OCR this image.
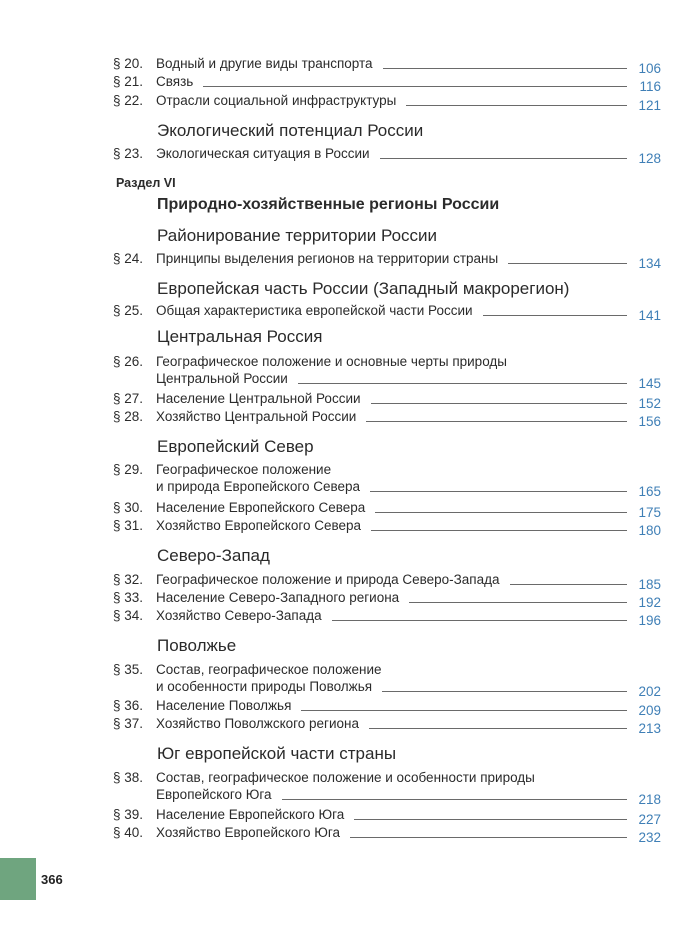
§ 20. Водный и другие виды транспорта	106
§ 21. Связь	116
§ 22. Отрасли социальной инфраструктуры	121
Экологический потенциал России
§ 23. Экологическая ситуация в России	128
Раздел VI
Природно-хозяйственные регионы России
Районирование территории России
§ 24. Принципы выделения регионов на территории страны	134
Европейская часть России (Западный макрорегион)
§ 25. Общая характеристика европейской части России	141
Центральная Россия
§ 26. Географическое положение и основные черты природы
Центральной России	145
§ 27. Население Центральной России	152
§ 28. Хозяйство Центральной России	156
Европейский Север
§ 29. Географическое положение
и природа Европейского Севера	165
§ 30. Население Европейского Севера	175
§ 31. Хозяйство Европейского Севера	180
Северо-Запад
§ 32. Географическое положение и природа Северо-Запада	185
§ 33. Население Северо-Западного региона	192
§ 34. Хозяйство Северо-Запада	196
Поволжье
§ 35. Состав, географическое положение
и особенности природы Поволжья	202
§ 36. Население Поволжья	209
§ 37. Хозяйство Поволжского региона	213
Юг европейской части страны
§ 38. Состав, географическое положение и особенности природы
Европейского Юга	218
§ 39. Население Европейского Юга	227
§ 40. Хозяйство Европейского Юга	232
366
